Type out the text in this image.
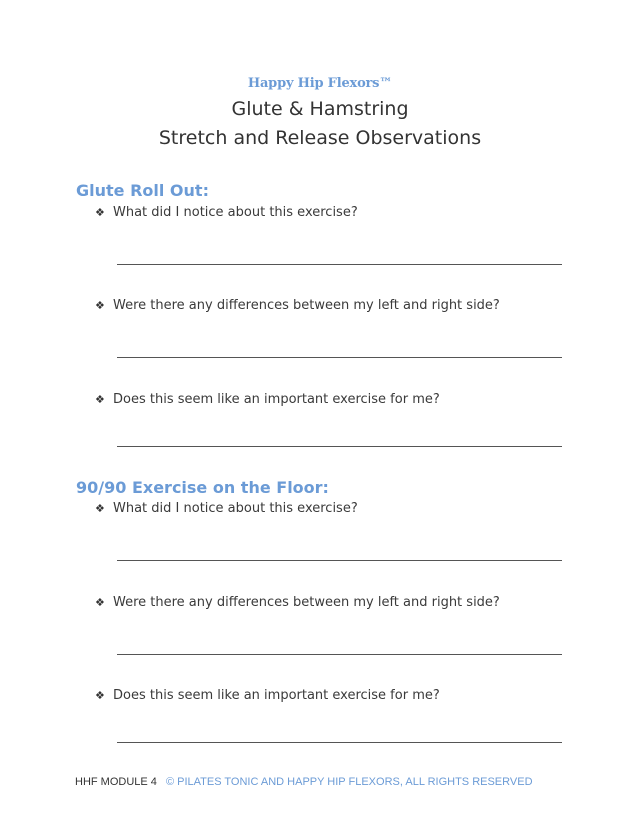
Happy Hip Flexors™
Glute & Hamstring
Stretch and Release Observations
Glute Roll Out:
❖ What did I notice about this exercise?
❖ Were there any differences between my left and right side?
❖ Does this seem like an important exercise for me?
90/90 Exercise on the Floor:
❖ What did I notice about this exercise?
❖ Were there any differences between my left and right side?
❖ Does this seem like an important exercise for me?
HHF MODULE 4 © PILATES TONIC AND HAPPY HIP FLEXORS, ALL RIGHTS RESERVED
